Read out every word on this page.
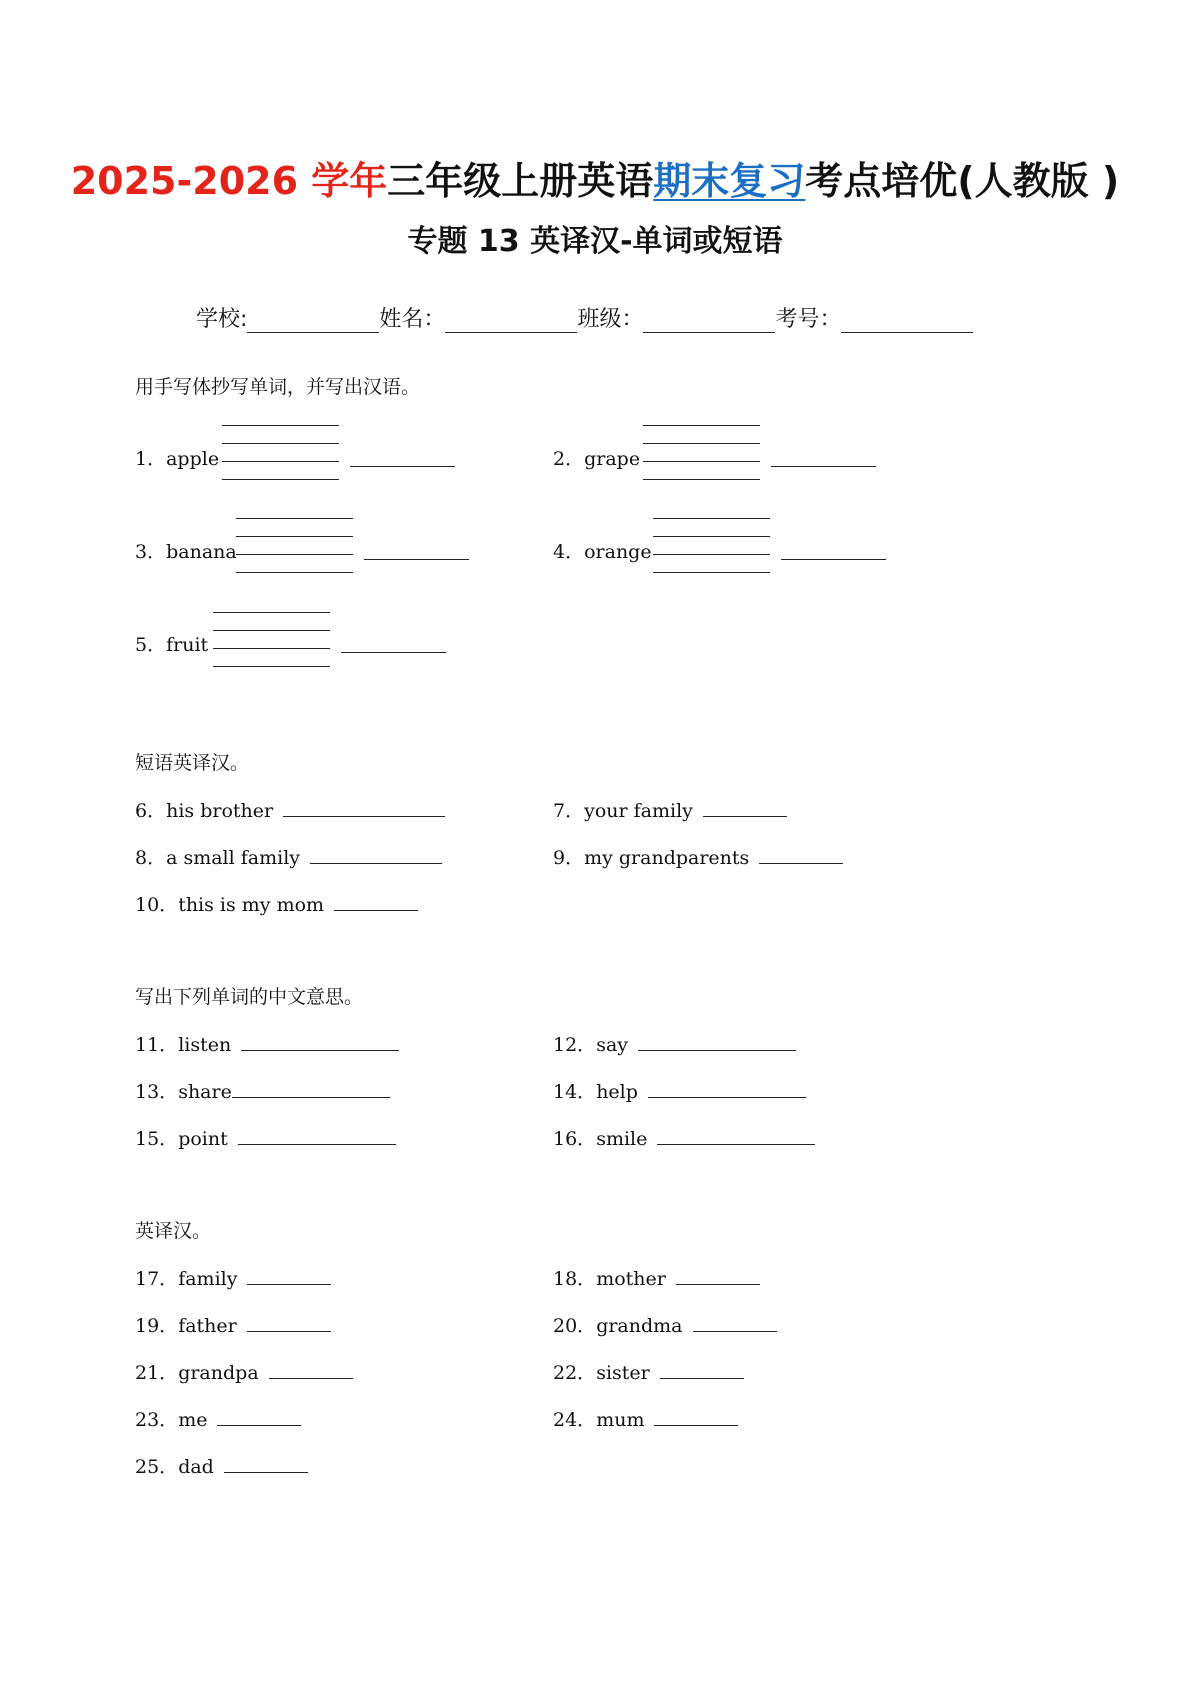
2025-2026 学年三年级上册英语期末复习考点培优(人教版 )
专题 13 英译汉-单词或短语
学校:	姓名：	班级：	考号：
用手写体抄写单词，并写出汉语。
1．apple	2．grape
3．banana	4．orange
5．fruit
短语英译汉。
6．his brother	7．your family
8．a small family	9．my grandparents
10．this is my mom
写出下列单词的中文意思。
11．listen	12．say
13．share	14．help
15．point	16．smile
英译汉。
17．family	18．mother
19．father	20．grandma
21．grandpa	22．sister
23．me	24．mum
25．dad
